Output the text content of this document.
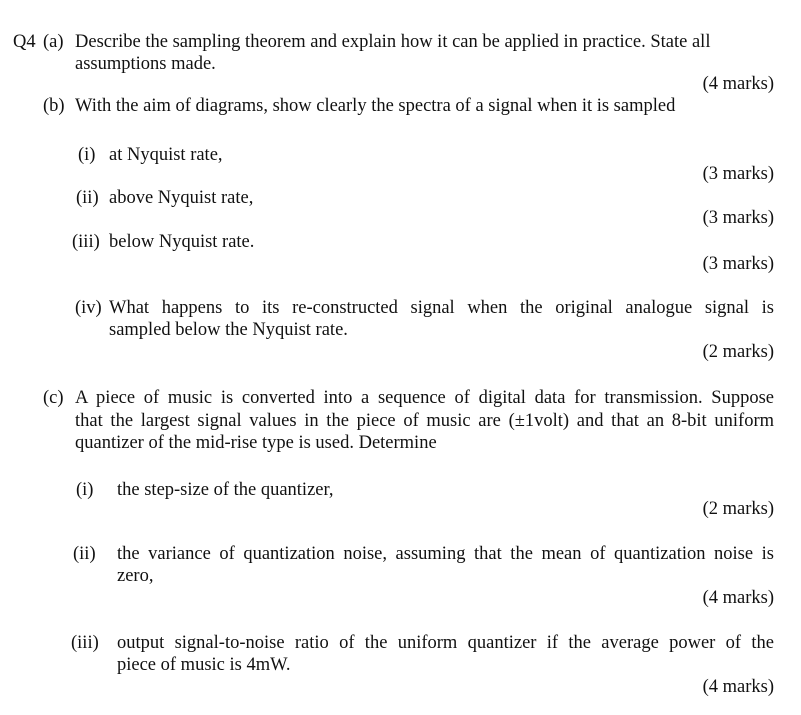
Q4 (a) Describe the sampling theorem and explain how it can be applied in practice. State all
assumptions made.
(4 marks)
(b) With the aim of diagrams, show clearly the spectra of a signal when it is sampled
(i) at Nyquist rate,
(3 marks)
(ii) above Nyquist rate,
(3 marks)
(iii) below Nyquist rate.
(3 marks)
(iv) What happens to its re-constructed signal when the original analogue signal is
sampled below the Nyquist rate.
(2 marks)
(c) A piece of music is converted into a sequence of digital data for transmission. Suppose
that the largest signal values in the piece of music are (±1volt) and that an 8-bit uniform
quantizer of the mid-rise type is used. Determine
(i) the step-size of the quantizer,
(2 marks)
(ii) the variance of quantization noise, assuming that the mean of quantization noise is
zero,
(4 marks)
(iii) output signal-to-noise ratio of the uniform quantizer if the average power of the
piece of music is 4mW.
(4 marks)
